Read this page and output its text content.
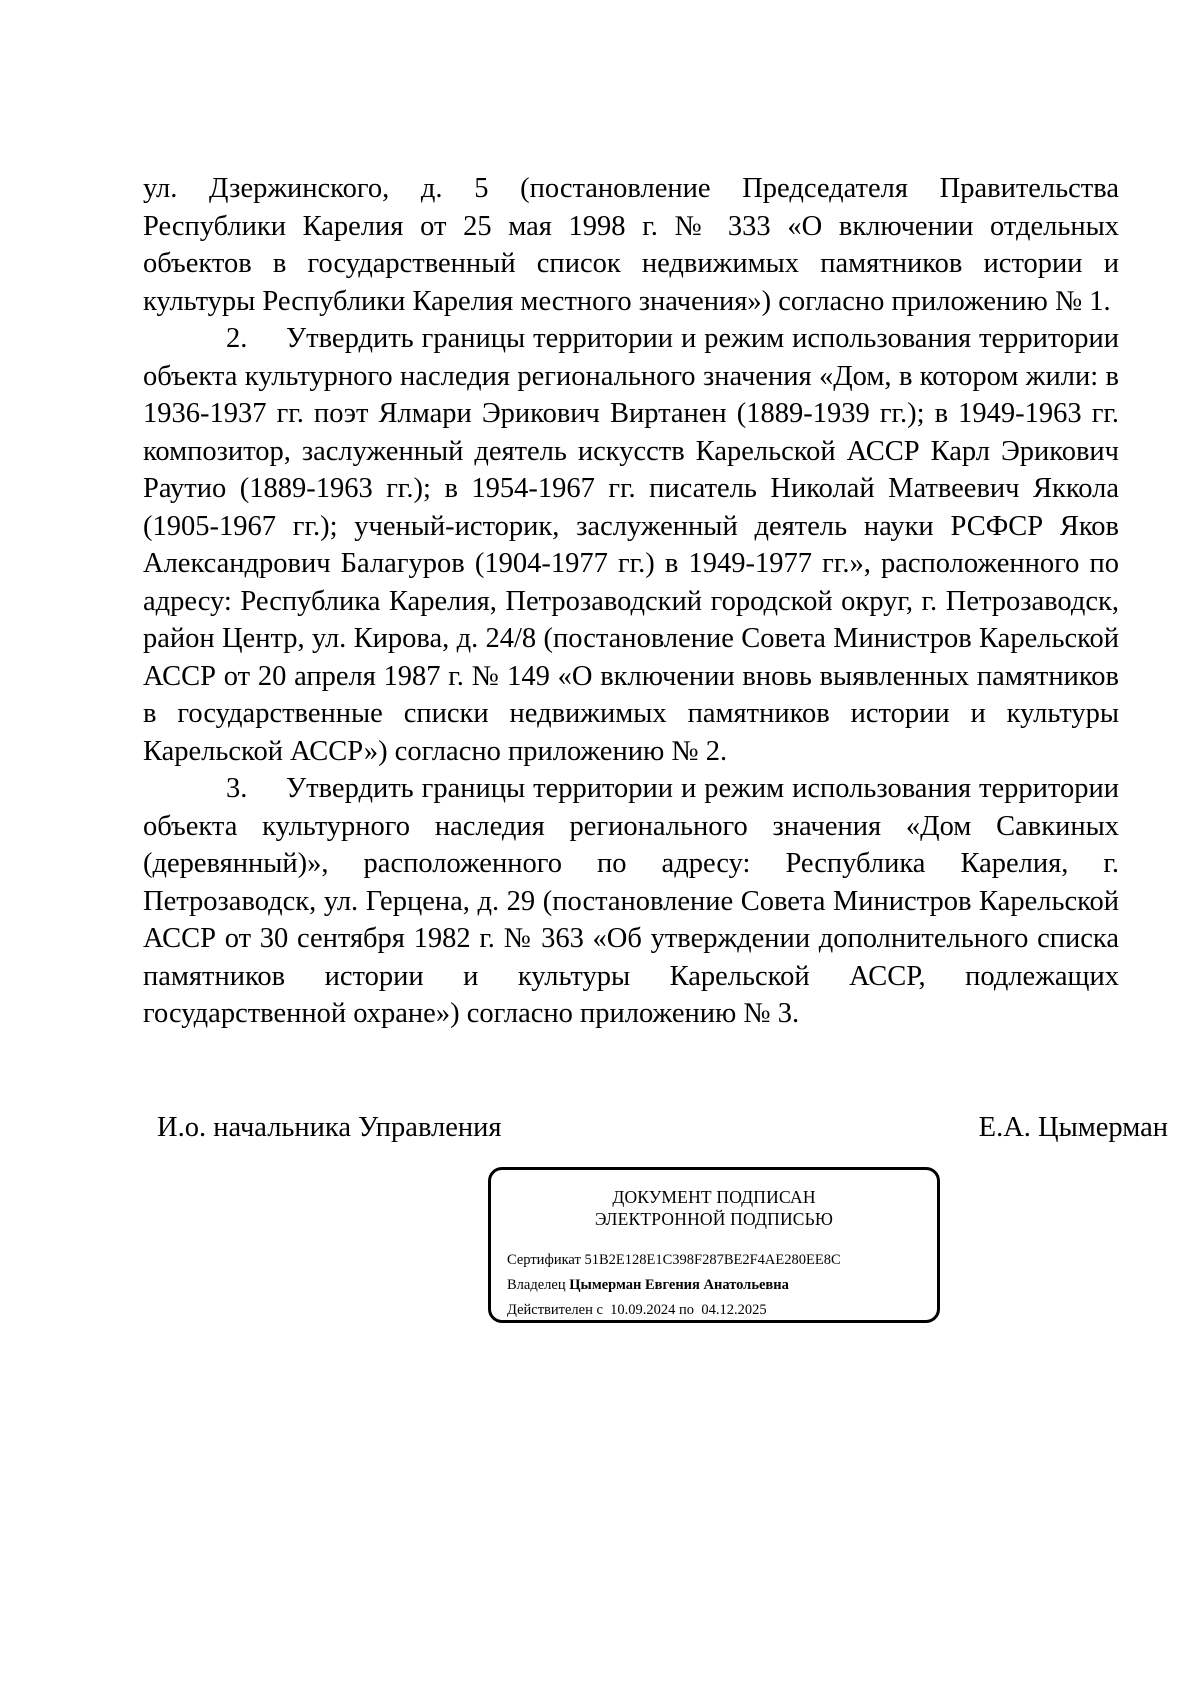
ул. Дзержинского, д. 5 (постановление Председателя Правительства Республики Карелия от 25 мая 1998 г. № 333 «О включении отдельных объектов в государственный список недвижимых памятников истории и культуры Республики Карелия местного значения») согласно приложению № 1.

2. Утвердить границы территории и режим использования территории объекта культурного наследия регионального значения «Дом, в котором жили: в 1936-1937 гг. поэт Ялмари Эрикович Виртанен (1889-1939 гг.); в 1949-1963 гг. композитор, заслуженный деятель искусств Карельской АССР Карл Эрикович Раутио (1889-1963 гг.); в 1954-1967 гг. писатель Николай Матвеевич Яккола (1905-1967 гг.); ученый-историк, заслуженный деятель науки РСФСР Яков Александрович Балагуров (1904-1977 гг.) в 1949-1977 гг.», расположенного по адресу: Республика Карелия, Петрозаводский городской округ, г. Петрозаводск, район Центр, ул. Кирова, д. 24/8 (постановление Совета Министров Карельской АССР от 20 апреля 1987 г. № 149 «О включении вновь выявленных памятников в государственные списки недвижимых памятников истории и культуры Карельской АССР») согласно приложению № 2.

3. Утвердить границы территории и режим использования территории объекта культурного наследия регионального значения «Дом Савкиных (деревянный)», расположенного по адресу: Республика Карелия, г. Петрозаводск, ул. Герцена, д. 29 (постановление Совета Министров Карельской АССР от 30 сентября 1982 г. № 363 «Об утверждении дополнительного списка памятников истории и культуры Карельской АССР, подлежащих государственной охране») согласно приложению № 3.

И.о. начальника Управления	Е.А. Цымерман
ДОКУМЕНТ ПОДПИСАН
ЭЛЕКТРОННОЙ ПОДПИСЬЮ
Сертификат 51B2E128E1C398F287BE2F4AE280EE8C
Владелец Цымерман Евгения Анатольевна
Действителен с 10.09.2024 по 04.12.2025
